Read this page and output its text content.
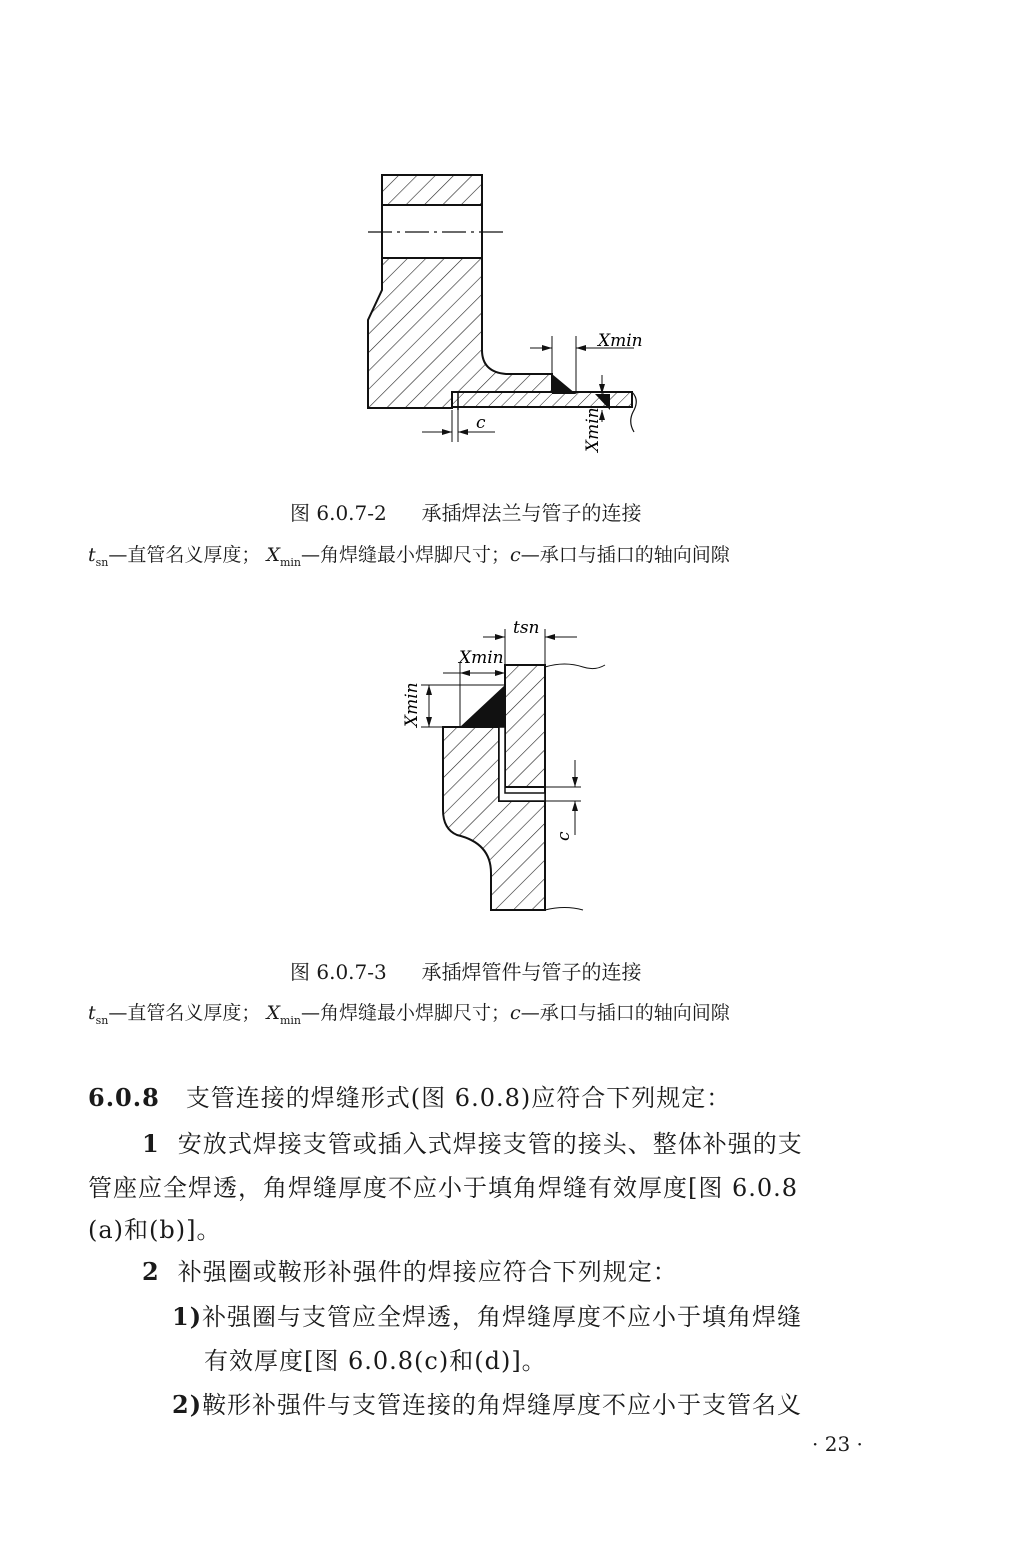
Xmin
c	Xmin
图 6.0.7-2 承插焊法兰与管子的连接
$t_{sn}—$直管名义厚度； $X_{min}—$角焊缝最小焊脚尺寸；c—承口与插口的轴向间隙
tsn
Xmin
Xmin
c
图 6.0.7-3 承插焊管件与管子的连接
$t_{sn}—$直管名义厚度； $X_{min}—$角焊缝最小焊脚尺寸；c—承口与插口的轴向间隙
6.0.8 支管连接的焊缝形式(图 6.0.8)应符合下列规定：
1 安放式焊接支管或插入式焊接支管的接头、整体补强的支
管座应全焊透，角焊缝厚度不应小于填角焊缝有效厚度[图 6.0.8
(a)和(b)]。
2 补强圈或鞍形补强件的焊接应符合下列规定：
1)补强圈与支管应全焊透，角焊缝厚度不应小于填角焊缝
有效厚度[图 6.0.8(c)和(d)]。
2)鞍形补强件与支管连接的角焊缝厚度不应小于支管名义
· 23 ·
